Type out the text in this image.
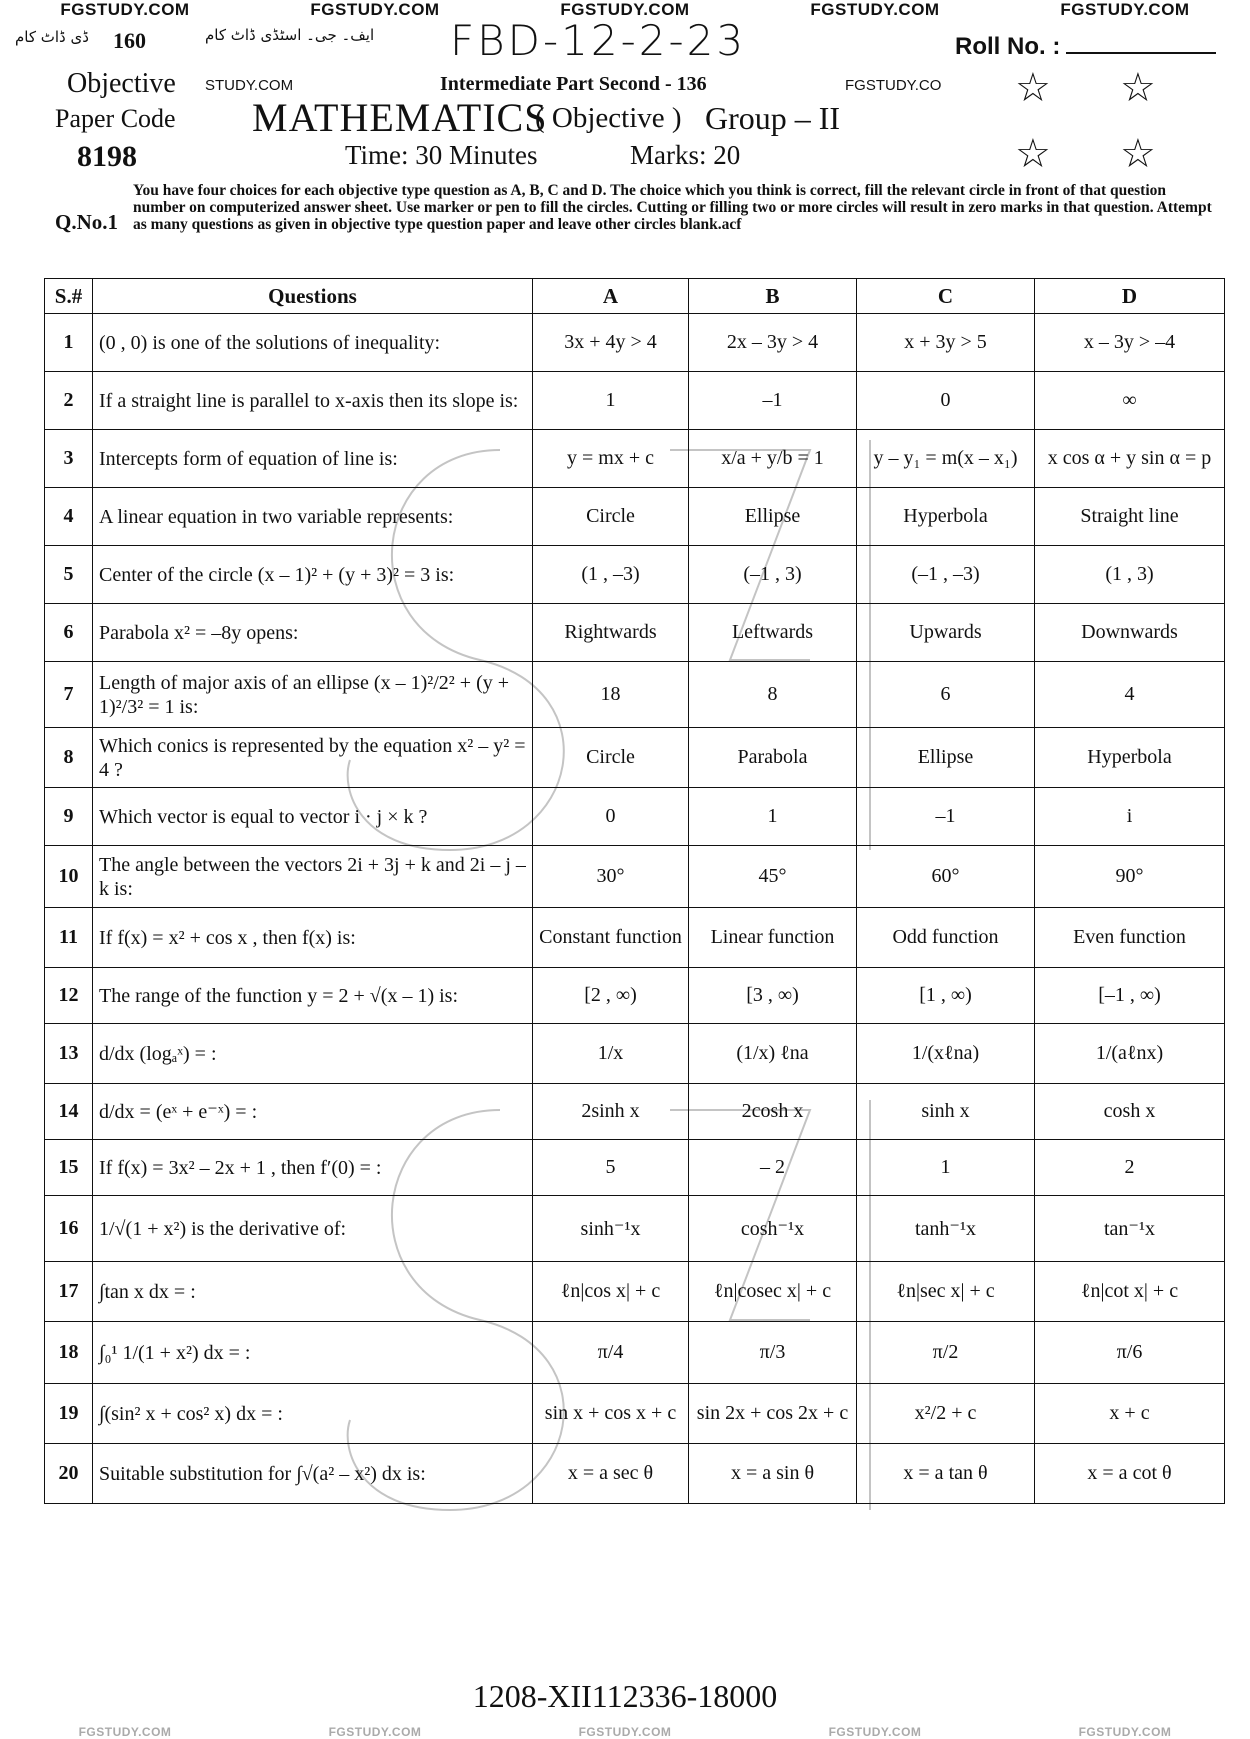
FGSTUDY.COM	FGSTUDY.COM	FGSTUDY.COM	FGSTUDY.COM	FGSTUDY.COM
ڈی ڈاٹ کام 160	ایف۔ جی۔ اسٹڈی ڈاٹ کام FBD-12-2-23	Roll No. :
Objective STUDY.COM	Intermediate Part Second - 136	FGSTUDY.CO ☆ ☆
Paper Code MATHEMATICS
( Objective ) Group – II
8198	Time: 30 Minutes	Marks: 20	☆ ☆
Q.No.1
You have four choices for each objective type question as A, B, C and D. The choice which you think is correct, fill the relevant circle in front of that question number on computerized answer sheet. Use marker or pen to fill the circles. Cutting or filling two or more circles will result in zero marks in that question. Attempt as many questions as given in objective type question paper and leave other circles blank.acf
S.#	Questions	A	B	C	D
1	(0 , 0) is one of the solutions of inequality:	3x + 4y > 4	2x – 3y > 4	x + 3y > 5	x – 3y > –4
2	If a straight line is parallel to x-axis then its slope is:	1	–1	0	∞
3	Intercepts form of equation of line is:	y = mx + c	x/a + y/b = 1	y – y₁ = m(x – x₁)	x cos α + y sin α = p
4	A linear equation in two variable represents:	Circle	Ellipse	Hyperbola	Straight line
5	Center of the circle (x – 1)² + (y + 3)² = 3 is:	(1 , –3)	(–1 , 3)	(–1 , –3)	(1 , 3)
6	Parabola x² = –8y opens:	Rightwards	Leftwards	Upwards	Downwards
7	Length of major axis of an ellipse (x – 1)²/2² + (y + 1)²/3² = 1 is:	18	8	6	4
8	Which conics is represented by the equation x² – y² = 4 ?	Circle	Parabola	Ellipse	Hyperbola
9	Which vector is equal to vector i · j × k ?	0	1	–1	i
10	The angle between the vectors 2i + 3j + k and 2i – j – k is:	30°	45°	60°	90°
11	If f(x) = x² + cos x , then f(x) is:	Constant function	Linear function	Odd function	Even function
12	The range of the function y = 2 + √(x – 1) is:	[2 , ∞)	[3 , ∞)	[1 , ∞)	[–1 , ∞)
13	d/dx (logₐˣ) = :	1/x	(1/x) ℓna	1/(xℓna)	1/(aℓnx)
14	d/dx = (eˣ + e⁻ˣ) = :	2sinh x	2cosh x	sinh x	cosh x
15	If f(x) = 3x² – 2x + 1 , then f′(0) = :	5	– 2	1	2
16	1/√(1 + x²) is the derivative of:	sinh⁻¹x	cosh⁻¹x	tanh⁻¹x	tan⁻¹x
17	∫tan x dx = :	ℓn|cos x| + c	ℓn|cosec x| + c	ℓn|sec x| + c	ℓn|cot x| + c
18	∫₀¹ 1/(1 + x²) dx = :	π/4	π/3	π/2	π/6
19	∫(sin² x + cos² x) dx = :	sin x + cos x + c	sin 2x + cos 2x + c	x²/2 + c	x + c
20	Suitable substitution for ∫√(a² – x²) dx is:	x = a sec θ	x = a sin θ	x = a tan θ	x = a cot θ
1208-XII112336-18000
FGSTUDY.COM	FGSTUDY.COM	FGSTUDY.COM	FGSTUDY.COM	FGSTUDY.COM
